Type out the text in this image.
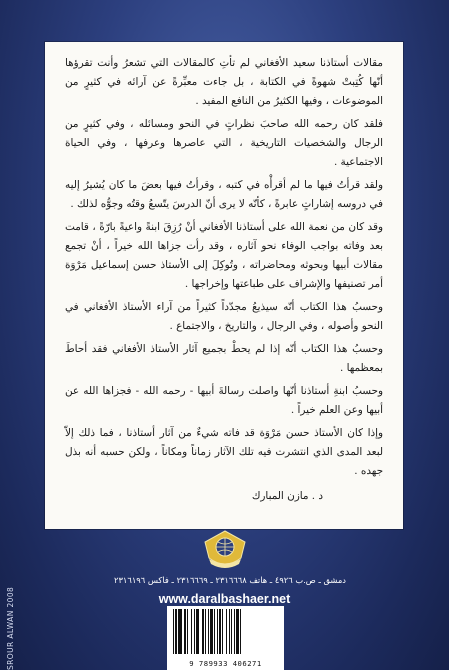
مقالات أستاذنا سعيد الأفغاني لم تأتِ كالمقالات التي تشعرُ وأنت تقرؤها أنّها كُتِبتْ شهوةً في الكتابة ، بل جاءت معبِّرةً عن آرائه في كثيرٍ من الموضوعات ، وفيها الكثيرُ من النافع المفيد .

فلقد كان رحمه الله صاحبَ نظراتٍ في النحو ومسائله ، وفي كثيرٍ من الرجال والشخصيات التاريخية ، التي عاصرها وعرفها ، وفي الحياة الاجتماعية .

ولقد قرأتُ فيها ما لم أقرأْه في كتبه ، وقرأتُ فيها بعضَ ما كان يُشيرُ إليه في دروسه إشاراتٍ عابرةً ، كأنّه لا يرى أنّ الدرسَ يتّسعُ وقتُه وجوُّه لذلك .

وقد كان من نعمة الله على أستاذنا الأفغاني أنْ رُزِقَ ابنةً واعيةً بارّةً ، قامت بعد وفاته بواجب الوفاء نحو آثاره ، وقد رأت جزاها الله خيراً ، أنْ تجمع مقالات أبيها وبحوثه ومحاضراته ، وتُوكِلَ إلى الأستاذ حسن إسماعيل مَرْوَة أمر تصنيفها والإشراف على طباعتها وإخراجها .

وحسبُ هذا الكتاب أنّه سيذيعُ مجدّداً كثيراً من آراء الأستاذ الأفغاني في النحو وأصوله ، وفي الرجال ، والتاريخ ، والاجتماع .

وحسبُ هذا الكتاب أنّه إذا لم يحطْ بجميع آثار الأستاذ الأفغاني فقد أحاطَ بمعظمها .

وحسبُ ابنةِ أستاذنا أنّها واصلت رسالةَ أبيها - رحمه الله - فجزاها الله عن أبيها وعن العلم خيراً .

وإذا كان الأستاذ حسن مَرْوَة قد فاته شيءٌ من آثار أستاذنا ، فما ذلك إلاّ لبعد المدى الذي انتشرت فيه تلك الآثار زماناً ومكاناً ، ولكن حسبه أنه بذل جهده .

د . مازن المبارك
دمشق ـ ص.ب ٤٩٢٦ ـ هاتف ٢٣١٦٦٦٨ ـ ٢٣١٦٦٦٩ ـ فاكس ٢٣١٦١٩٦
www.daralbashaer.net
SROUR ALWAN 2008	9 789933 406271
